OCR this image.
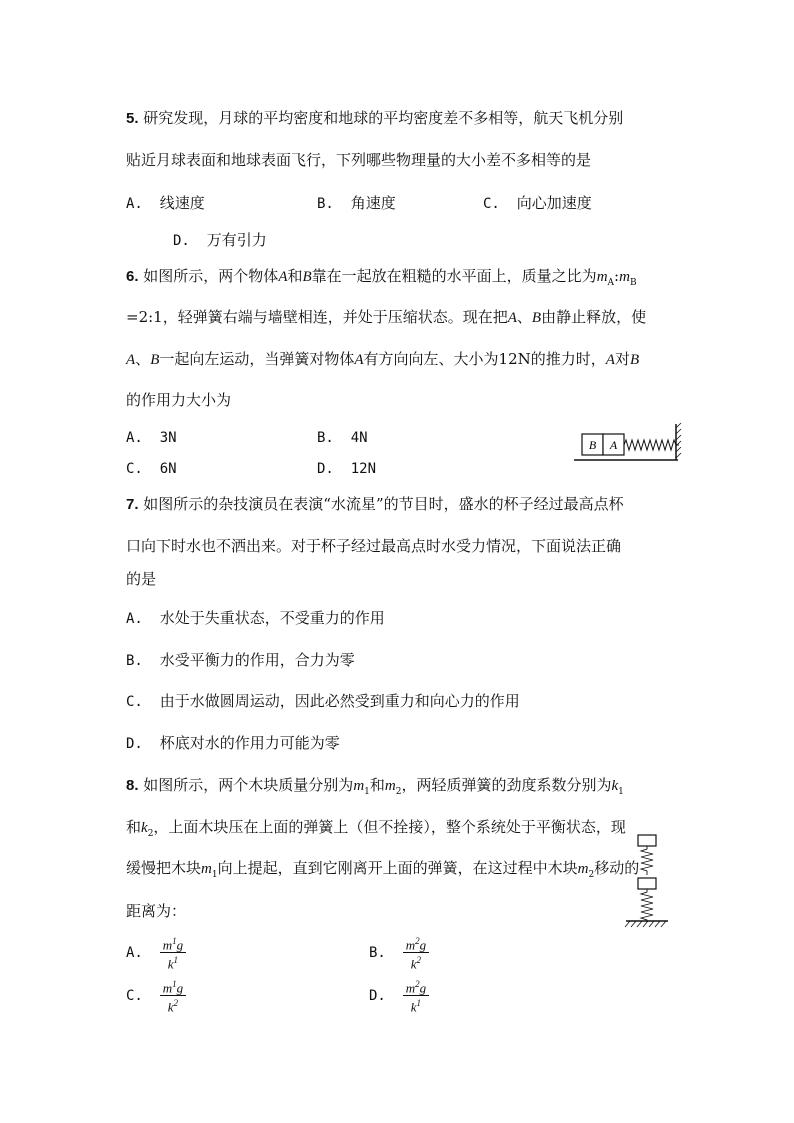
5. 研究发现，月球的平均密度和地球的平均密度差不多相等，航天飞机分别
贴近月球表面和地球表面飞行，下列哪些物理量的大小差不多相等的是
A. 线速度	B. 角速度	C. 向心加速度
D. 万有引力
6. 如图所示，两个物体A和B靠在一起放在粗糙的水平面上，质量之比为$m_A:m_B$
=2:1，轻弹簧右端与墙壁相连，并处于压缩状态。现在把A、B由静止释放，使
A、B一起向左运动，当弹簧对物体A有方向向左、大小为12N的推力时，A对B
的作用力大小为
A. 3N	B. 4N
C. 6N	D. 12N
B A
7. 如图所示的杂技演员在表演“水流星”的节目时，盛水的杯子经过最高点杯
口向下时水也不洒出来。对于杯子经过最高点时水受力情况，下面说法正确
的是
A. 水处于失重状态，不受重力的作用
B. 水受平衡力的作用，合力为零
C. 由于水做圆周运动，因此必然受到重力和向心力的作用
D. 杯底对水的作用力可能为零
8. 如图所示，两个木块质量分别为$m_1$和$m_2$，两轻质弹簧的劲度系数分别为$k_1$
和$k_2$，上面木块压在上面的弹簧上（但不拴接），整个系统处于平衡状态，现
缓慢把木块$m_1$向上提起，直到它刚离开上面的弹簧，在这过程中木块$m_2$移动的
距离为：
A. $\frac{m^1g}{k^1}$	B. $\frac{m^2g}{k^2}$
C. $\frac{m^1g}{k^2}$	D. $\frac{m^2g}{k^1}$
